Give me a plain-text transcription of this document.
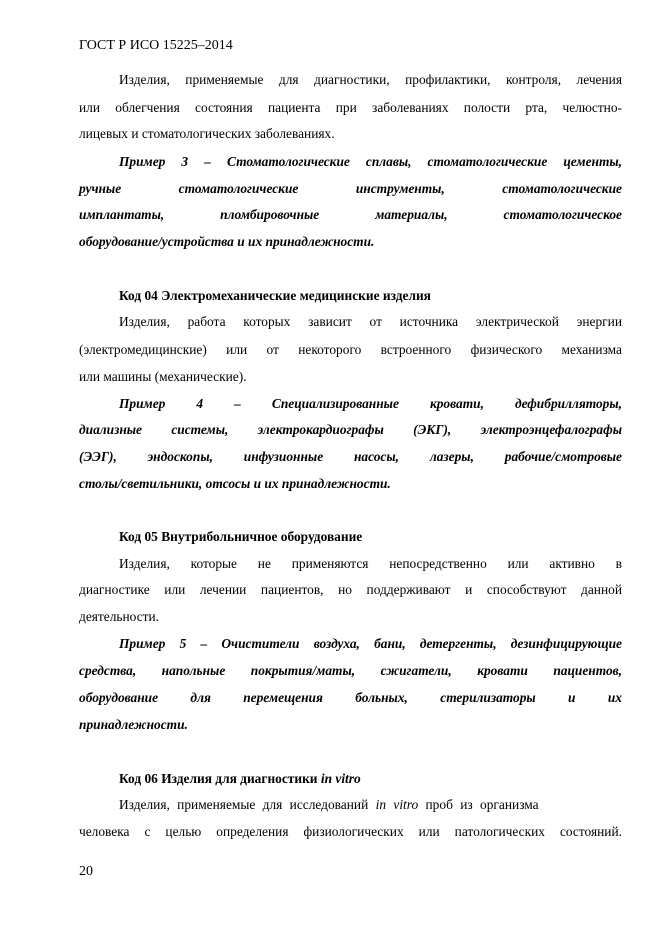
ГОСТ Р ИСО 15225–2014
Изделия, применяемые для диагностики, профилактики, контроля, лечения
или облегчения состояния пациента при заболеваниях полости рта, челюстно-
лицевых и стоматологических заболеваниях.
Пример 3 – Стоматологические сплавы, стоматологические цементы,
ручные стоматологические инструменты, стоматологические
имплантаты, пломбировочные материалы, стоматологическое
оборудование/устройства и их принадлежности.
Код 04 Электромеханические медицинские изделия
Изделия, работа которых зависит от источника электрической энергии
(электромедицинские) или от некоторого встроенного физического механизма
или машины (механические).
Пример 4 – Специализированные кровати, дефибрилляторы,
диализные системы, электрокардиографы (ЭКГ), электроэнцефалографы
(ЭЭГ), эндоскопы, инфузионные насосы, лазеры, рабочие/смотровые
столы/светильники, отсосы и их принадлежности.
Код 05 Внутрибольничное оборудование
Изделия, которые не применяются непосредственно или активно в
диагностике или лечении пациентов, но поддерживают и способствуют данной
деятельности.
Пример 5 – Очистители воздуха, бани, детергенты, дезинфицирующие
средства, напольные покрытия/маты, сжигатели, кровати пациентов,
оборудование для перемещения больных, стерилизаторы и их
принадлежности.
Код 06 Изделия для диагностики in vitro
Изделия, применяемые для исследований in vitro проб из организма
человека с целью определения физиологических или патологических состояний.
20
